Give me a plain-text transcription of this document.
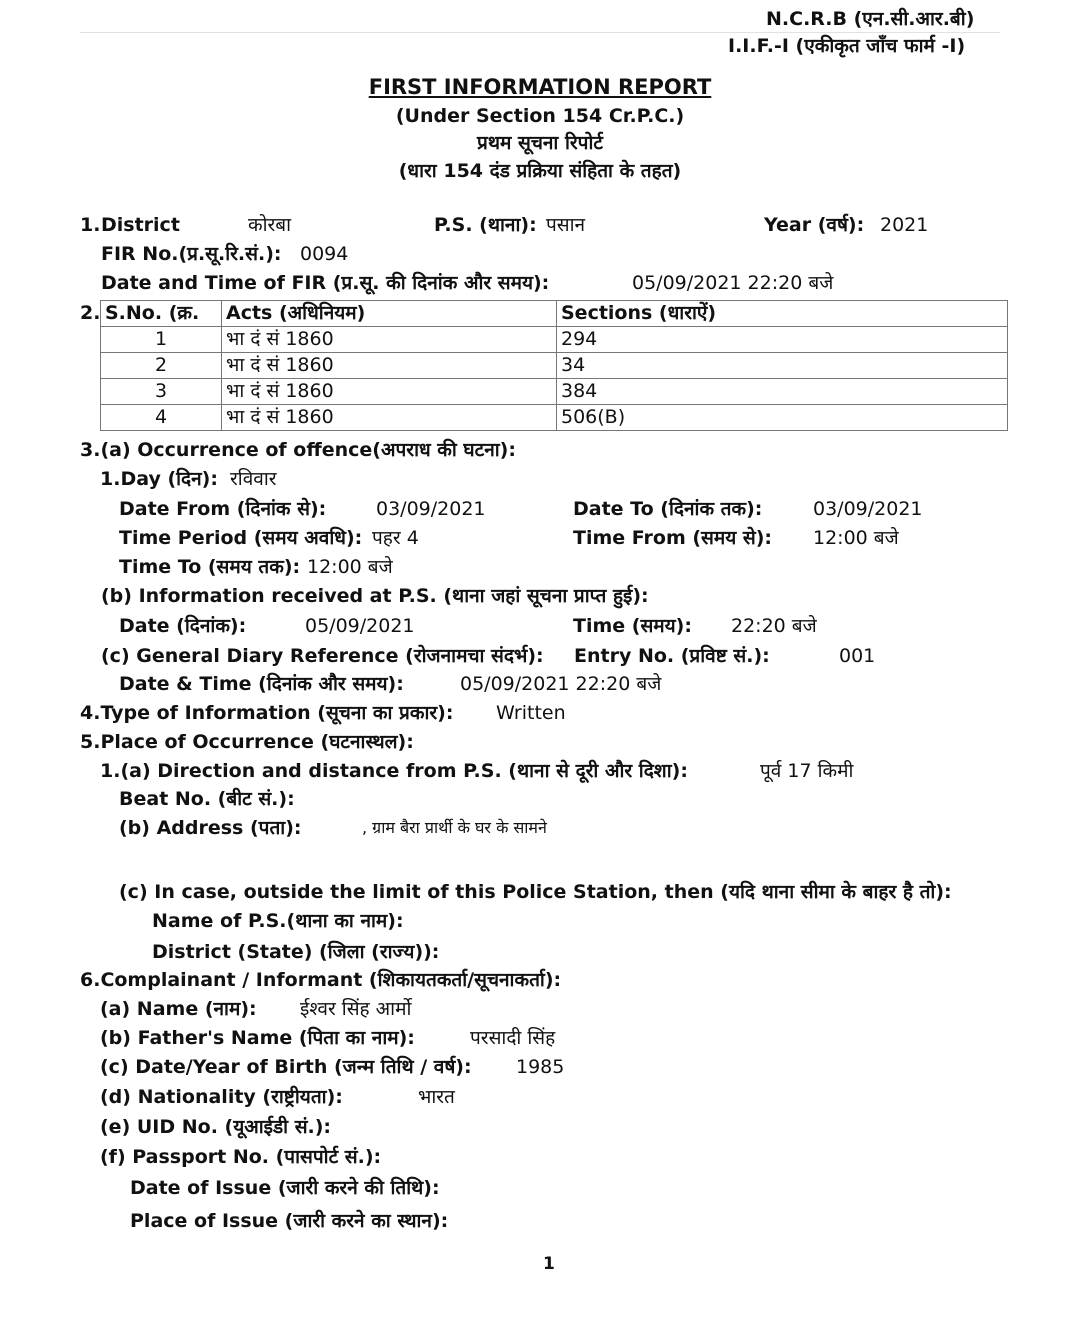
N.C.R.B (एन.सी.आर.बी)
I.I.F.-I (एकीकृत जाँच फार्म -I)
FIRST INFORMATION REPORT
(Under Section 154 Cr.P.C.)
प्रथम सूचना रिपोर्ट
(धारा 154 दंड प्रक्रिया संहिता के तहत)
1. District	कोरबा	P.S. (थाना): पसान	Year (वर्ष): 2021
FIR No.(प्र.सू.रि.सं.): 0094
Date and Time of FIR (प्र.सू. की दिनांक और समय):	05/09/2021 22:20 बजे
2. S.No. (क्र.	Acts (अधिनियम)	Sections (धाराऐं)
1	भा दं सं 1860	294
2	भा दं सं 1860	34
3	भा दं सं 1860	384
4	भा दं सं 1860	506(B)
3.(a) Occurrence of offence(अपराध की घटना):
1.Day (दिन): रविवार
Date From (दिनांक से):	03/09/2021	Date To (दिनांक तक):	03/09/2021
Time Period (समय अवधि): पहर 4	Time From (समय से): 12:00 बजे
Time To (समय तक): 12:00 बजे
(b) Information received at P.S. (थाना जहां सूचना प्राप्त हुई):
Date (दिनांक):	05/09/2021	Time (समय): 22:20 बजे
(c) General Diary Reference (रोजनामचा संदर्भ): Entry No. (प्रविष्ट सं.):	001
Date & Time (दिनांक और समय):	05/09/2021 22:20 बजे
4.Type of Information (सूचना का प्रकार): Written
5.Place of Occurrence (घटनास्थल):
1.(a) Direction and distance from P.S. (थाना से दूरी और दिशा):	पूर्व 17 किमी
Beat No. (बीट सं.):
(b) Address (पता):	, ग्राम बैरा प्रार्थी के घर के सामने
(c) In case, outside the limit of this Police Station, then (यदि थाना सीमा के बाहर है तो):
Name of P.S.(थाना का नाम):
District (State) (जिला (राज्य)):
6.Complainant / Informant (शिकायतकर्ता/सूचनाकर्ता):
(a) Name (नाम): ईश्वर सिंह आर्मो
(b) Father's Name (पिता का नाम):	परसादी सिंह
(c) Date/Year of Birth (जन्म तिथि / वर्ष): 1985
(d) Nationality (राष्ट्रीयता):	भारत
(e) UID No. (यूआईडी सं.):
(f) Passport No. (पासपोर्ट सं.):
Date of Issue (जारी करने की तिथि):
Place of Issue (जारी करने का स्थान):
1
